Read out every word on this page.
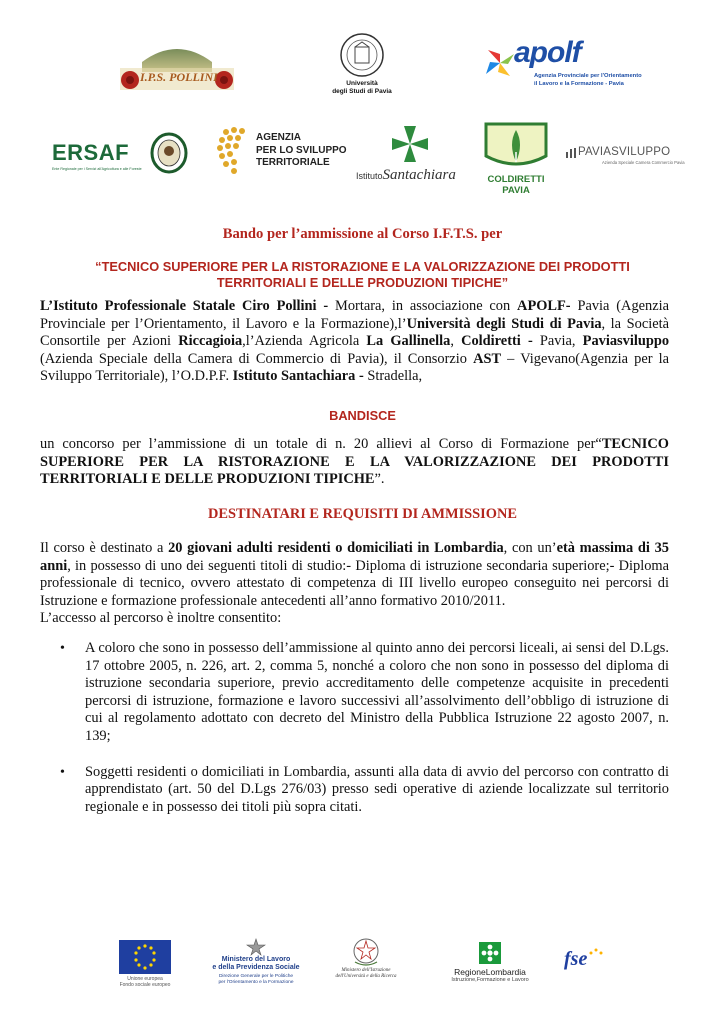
I.P.S. POLLINI	Università
degli Studi di Pavia
apolf
Agenzia Provinciale per l'Orientamento
il Lavoro e la Formazione - Pavia
ERSAF
Ente Regionale per i Servizi all'Agricoltura e alle Foreste
AGENZIA
PER LO SVILUPPO
TERRITORIALE
IstitutoSantachiara	COLDIRETTI
PAVIA
PAVIASVILUPPO
Azienda Speciale Camera Commercio Pavia
Bando per l’ammissione al Corso I.F.T.S. per
“TECNICO SUPERIORE PER LA RISTORAZIONE E LA VALORIZZAZIONE DEI PRODOTTI
TERRITORIALI E DELLE PRODUZIONI TIPICHE”
L’Istituto Professionale Statale Ciro Pollini - Mortara, in associazione con APOLF- Pavia (Agenzia Provinciale per l’Orientamento, il Lavoro e la Formazione),l’Università degli Studi di Pavia, la Società Consortile per Azioni Riccagioia,l’Azienda Agricola La Gallinella, Coldiretti - Pavia, Paviasviluppo (Azienda Speciale della Camera di Commercio di Pavia), il Consorzio AST – Vigevano(Agenzia per la Sviluppo Territoriale), l’O.D.P.F. Istituto Santachiara - Stradella,
BANDISCE
un concorso per l’ammissione di un totale di n. 20 allievi al Corso di Formazione per“TECNICO SUPERIORE PER LA RISTORAZIONE E LA VALORIZZAZIONE DEI PRODOTTI TERRITORIALI E DELLE PRODUZIONI TIPICHE”.
DESTINATARI E REQUISITI DI AMMISSIONE
Il corso è destinato a 20 giovani adulti residenti o domiciliati in Lombardia, con un’età massima di 35 anni, in possesso di uno dei seguenti titoli di studio:- Diploma di istruzione secondaria superiore;- Diploma professionale di tecnico, ovvero attestato di competenza di III livello europeo conseguito nei percorsi di Istruzione e formazione professionale antecedenti all’anno formativo 2010/2011.
L’accesso al percorso è inoltre consentito:
• A coloro che sono in possesso dell’ammissione al quinto anno dei percorsi liceali, ai sensi del D.Lgs. 17 ottobre 2005, n. 226, art. 2, comma 5, nonché a coloro che non sono in possesso del diploma di istruzione secondaria superiore, previo accreditamento delle competenze acquisite in precedenti percorsi di istruzione, formazione e lavoro successivi all’assolvimento dell’obbligo di istruzione di cui al regolamento adottato con decreto del Ministro della Pubblica Istruzione 22 agosto 2007, n. 139;
• Soggetti residenti o domiciliati in Lombardia, assunti alla data di avvio del percorso con contratto di apprendistato (art. 50 del D.Lgs 276/03) presso sedi operative di aziende localizzate sul territorio regionale e in possesso dei titoli più sopra citati.
Unione europea
Fondo sociale europeo
Ministero del Lavoro
e della Previdenza Sociale
Direzione Generale per le Politiche
per l'Orientamento e la Formazione
Ministero dell'Istruzione
dell'Università e della Ricerca	RegioneLombardia
Istruzione,Formazione e Lavoro
fse
